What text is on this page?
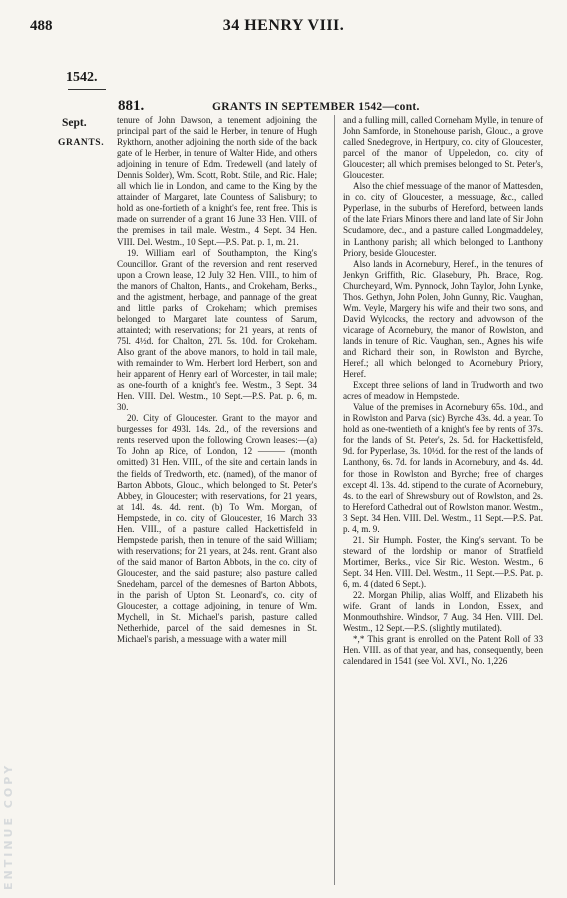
488	34 HENRY VIII.
1542.
Sept.
GRANTS.
881.	GRANTS IN SEPTEMBER 1542—cont.

tenure of John Dawson, a tenement adjoining the principal part of the said le Herber, in tenure of Hugh Rykthorn, another adjoining the north side of the back gate of le Herber, in tenure of Walter Hide, and others adjoining in tenure of Edm. Tredewell (and lately of Dennis Solder), Wm. Scott, Robt. Stile, and Ric. Hale; all which lie in London, and came to the King by the attainder of Margaret, late Countess of Salisbury; to hold as one-fortieth of a knight's fee, rent free. This is made on surrender of a grant 16 June 33 Hen. VIII. of the premises in tail male. Westm., 4 Sept. 34 Hen. VIII. Del. Westm., 10 Sept.—P.S. Pat. p. 1, m. 21.

19. William earl of Southampton, the King's Councillor. Grant of the reversion and rent reserved upon a Crown lease, 12 July 32 Hen. VIII., to him of the manors of Chalton, Hants., and Crokeham, Berks., and the agistment, herbage, and pannage of the great and little parks of Crokeham; which premises belonged to Margaret late countess of Sarum, attainted; with reservations; for 21 years, at rents of 75l. 4½d. for Chalton, 27l. 5s. 10d. for Crokeham. Also grant of the above manors, to hold in tail male, with remainder to Wm. Herbert lord Herbert, son and heir apparent of Henry earl of Worcester, in tail male; as one-fourth of a knight's fee. Westm., 3 Sept. 34 Hen. VIII. Del. Westm., 10 Sept.—P.S. Pat. p. 6, m. 30.

20. City of Gloucester. Grant to the mayor and burgesses for 493l. 14s. 2d., of the reversions and rents reserved upon the following Crown leases:—(a) To John ap Rice, of London, 12 ——— (month omitted) 31 Hen. VIII., of the site and certain lands in the fields of Tredworth, etc. (named), of the manor of Barton Abbots, Glouc., which belonged to St. Peter's Abbey, in Gloucester; with reservations, for 21 years, at 14l. 4s. 4d. rent. (b) To Wm. Morgan, of Hempstede, in co. city of Gloucester, 16 March 33 Hen. VIII., of a pasture called Hackettisfeld in Hempstede parish, then in tenure of the said William; with reservations; for 21 years, at 24s. rent. Grant also of the said manor of Barton Abbots, in the co. city of Gloucester, and the said pasture; also pasture called Snedeham, parcel of the demesnes of Barton Abbots, in the parish of Upton St. Leonard's, co. city of Gloucester, a cottage adjoining, in tenure of Wm. Mychell, in St. Michael's parish, pasture called Netherhide, parcel of the said demesnes in St. Michael's parish, a messuage with a water mill

and a fulling mill, called Corneham Mylle, in tenure of John Samforde, in Stonehouse parish, Glouc., a grove called Snedegrove, in Hertpury, co. city of Gloucester, parcel of the manor of Uppeledon, co. city of Gloucester; all which premises belonged to St. Peter's, Gloucester.

Also the chief messuage of the manor of Mattesden, in co. city of Gloucester, a messuage, &c., called Pyperlase, in the suburbs of Hereford, between lands of the late Friars Minors there and land late of Sir John Scudamore, dec., and a pasture called Longmaddeley, in Lanthony parish; all which belonged to Lanthony Priory, beside Gloucester.

Also lands in Acornebury, Heref., in the tenures of Jenkyn Griffith, Ric. Glasebury, Ph. Brace, Rog. Churcheyard, Wm. Pynnock, John Taylor, John Lynke, Thos. Gethyn, John Polen, John Gunny, Ric. Vaughan, Wm. Veyle, Margery his wife and their two sons, and David Wylcocks, the rectory and advowson of the vicarage of Acornebury, the manor of Rowlston, and lands in tenure of Ric. Vaughan, sen., Agnes his wife and Richard their son, in Rowlston and Byrche, Heref.; all which belonged to Acornebury Priory, Heref.

Except three selions of land in Trudworth and two acres of meadow in Hempstede.

Value of the premises in Acornebury 65s. 10d., and in Rowlston and Parva (sic) Byrche 43s. 4d. a year. To hold as one-twentieth of a knight's fee by rents of 37s. for the lands of St. Peter's, 2s. 5d. for Hackettisfeld, 9d. for Pyperlase, 3s. 10½d. for the rest of the lands of Lanthony, 6s. 7d. for lands in Acornebury, and 4s. 4d. for those in Rowlston and Byrche; free of charges except 4l. 13s. 4d. stipend to the curate of Acornebury, 4s. to the earl of Shrewsbury out of Rowlston, and 2s. to Hereford Cathedral out of Rowlston manor. Westm., 3 Sept. 34 Hen. VIII. Del. Westm., 11 Sept.—P.S. Pat. p. 4, m. 9.

21. Sir Humph. Foster, the King's servant. To be steward of the lordship or manor of Stratfield Mortimer, Berks., vice Sir Ric. Weston. Westm., 6 Sept. 34 Hen. VIII. Del. Westm., 11 Sept.—P.S. Pat. p. 6, m. 4 (dated 6 Sept.).

22. Morgan Philip, alias Wolff, and Elizabeth his wife. Grant of lands in London, Essex, and Monmouthshire. Windsor, 7 Aug. 34 Hen. VIII. Del. Westm., 12 Sept.—P.S. (slightly mutilated).

*,* This grant is enrolled on the Patent Roll of 33 Hen. VIII. as of that year, and has, consequently, been calendared in 1541 (see Vol. XVI., No. 1,226

ENTINUE COPY
